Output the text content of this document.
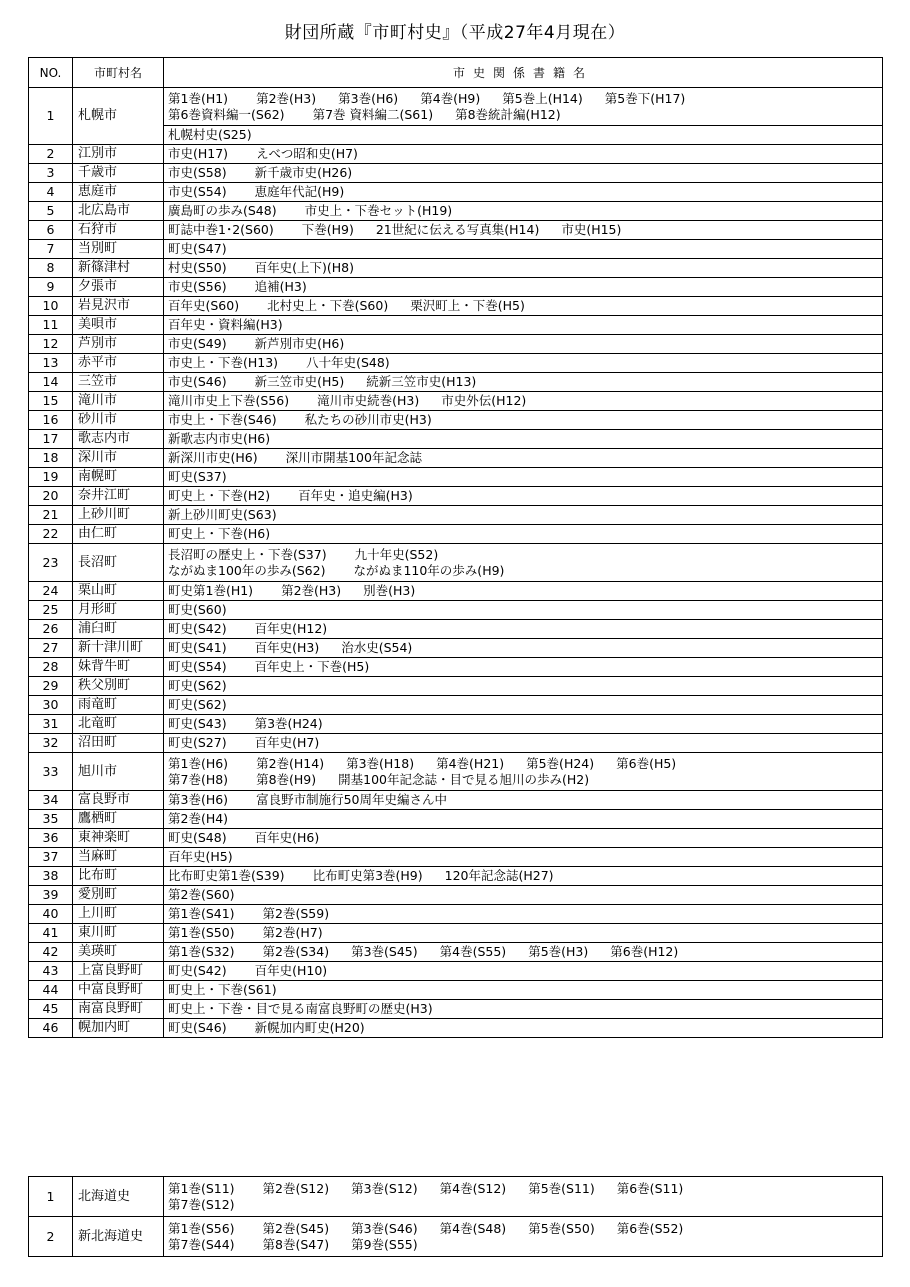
財団所蔵『市町村史』（平成27年4月現在）
NO.	市町村名	市史関係書籍名
1	札幌市	第1巻(H1) 第2巻(H3) 第3巻(H6) 第4巻(H9) 第5巻上(H14) 第5巻下(H17)
第6巻資料編一(S62) 第7巻 資料編二(S61) 第8巻統計編(H12)

		札幌村史(S25)
2	江別市	市史(H17) えべつ昭和史(H7)

3	千歳市	市史(S58) 新千歳市史(H26)

4	恵庭市	市史(S54) 恵庭年代記(H9)

5	北広島市	廣島町の歩み(S48) 市史上・下巻セット(H19)

6	石狩市	町誌中巻1･2(S60) 下巻(H9) 21世紀に伝える写真集(H14) 市史(H15)

7	当別町	町史(S47)

8	新篠津村	村史(S50) 百年史(上下)(H8)

9	夕張市	市史(S56) 追補(H3)

10	岩見沢市	百年史(S60) 北村史上・下巻(S60) 栗沢町上・下巻(H5)

11	美唄市	百年史・資料編(H3)

12	芦別市	市史(S49) 新芦別市史(H6)

13	赤平市	市史上・下巻(H13) 八十年史(S48)

14	三笠市	市史(S46) 新三笠市史(H5) 続新三笠市史(H13)

15	滝川市	滝川市史上下巻(S56) 滝川市史続巻(H3) 市史外伝(H12)

16	砂川市	市史上・下巻(S46) 私たちの砂川市史(H3)

17	歌志内市	新歌志内市史(H6)

18	深川市	新深川市史(H6) 深川市開基100年記念誌

19	南幌町	町史(S37)

20	奈井江町	町史上・下巻(H2) 百年史・追史編(H3)

21	上砂川町	新上砂川町史(S63)

22	由仁町	町史上・下巻(H6)

23	長沼町	長沼町の歴史上・下巻(S37) 九十年史(S52)
ながぬま100年の歩み(S62) ながぬま110年の歩み(H9)

24	栗山町	町史第1巻(H1) 第2巻(H3) 別巻(H3)

25	月形町	町史(S60)

26	浦臼町	町史(S42) 百年史(H12)

27	新十津川町	町史(S41) 百年史(H3) 治水史(S54)

28	妹背牛町	町史(S54) 百年史上・下巻(H5)

29	秩父別町	町史(S62)

30	雨竜町	町史(S62)

31	北竜町	町史(S43) 第3巻(H24)

32	沼田町	町史(S27) 百年史(H7)

33	旭川市	第1巻(H6) 第2巻(H14) 第3巻(H18) 第4巻(H21) 第5巻(H24) 第6巻(H5)
第7巻(H8) 第8巻(H9) 開基100年記念誌・目で見る旭川の歩み(H2)

34	富良野市	第3巻(H6) 富良野市制施行50周年史編さん中

35	鷹栖町	第2巻(H4)

36	東神楽町	町史(S48) 百年史(H6)

37	当麻町	百年史(H5)

38	比布町	比布町史第1巻(S39) 比布町史第3巻(H9) 120年記念誌(H27)

39	愛別町	第2巻(S60)

40	上川町	第1巻(S41) 第2巻(S59)

41	東川町	第1巻(S50) 第2巻(H7)

42	美瑛町	第1巻(S32) 第2巻(S34) 第3巻(S45) 第4巻(S55) 第5巻(H3) 第6巻(H12)

43	上富良野町	町史(S42) 百年史(H10)

44	中富良野町	町史上・下巻(S61)

45	南富良野町	町史上・下巻・目で見る南富良野町の歴史(H3)

46	幌加内町	町史(S46) 新幌加内町史(H20)
1	北海道史	第1巻(S11) 第2巻(S12) 第3巻(S12) 第4巻(S12) 第5巻(S11) 第6巻(S11)
第7巻(S12)

2	新北海道史	第1巻(S56) 第2巻(S45) 第3巻(S46) 第4巻(S48) 第5巻(S50) 第6巻(S52)
第7巻(S44) 第8巻(S47) 第9巻(S55)
